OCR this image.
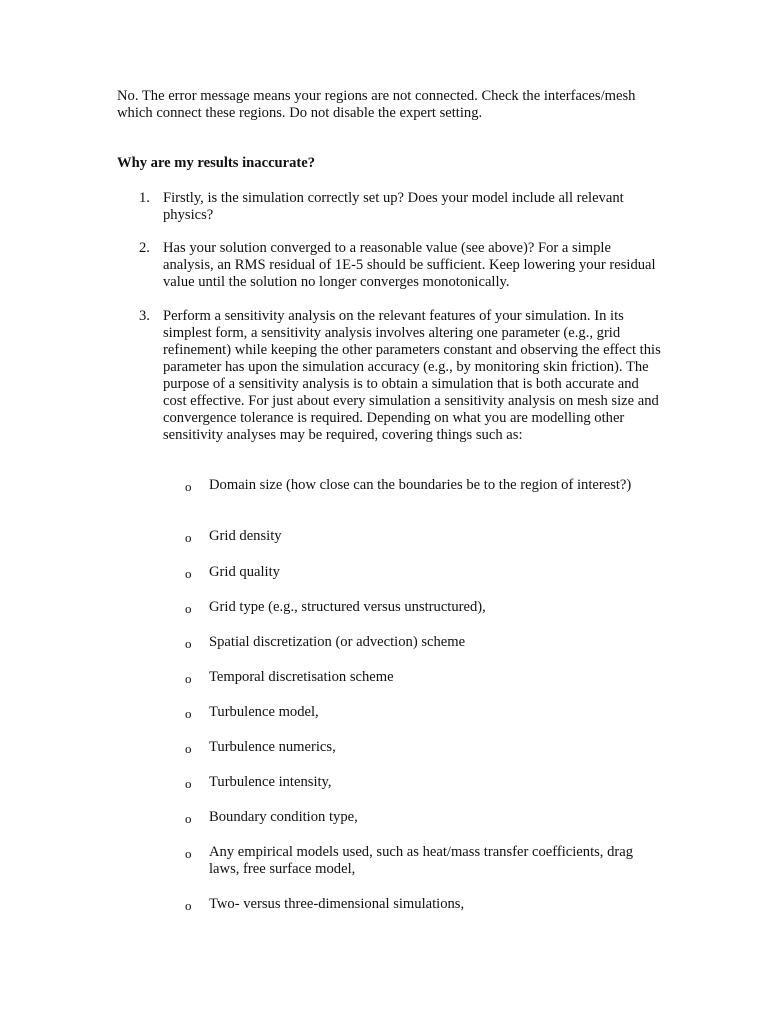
No. The error message means your regions are not connected. Check the interfaces/mesh which connect these regions. Do not disable the expert setting.

Why are my results inaccurate?

1. Firstly, is the simulation correctly set up? Does your model include all relevant physics?
2. Has your solution converged to a reasonable value (see above)? For a simple analysis, an RMS residual of 1E-5 should be sufficient. Keep lowering your residual value until the solution no longer converges monotonically.
3. Perform a sensitivity analysis on the relevant features of your simulation. In its simplest form, a sensitivity analysis involves altering one parameter (e.g., grid refinement) while keeping the other parameters constant and observing the effect this parameter has upon the simulation accuracy (e.g., by monitoring skin friction). The purpose of a sensitivity analysis is to obtain a simulation that is both accurate and cost effective. For just about every simulation a sensitivity analysis on mesh size and convergence tolerance is required. Depending on what you are modelling other sensitivity analyses may be required, covering things such as:
o Domain size (how close can the boundaries be to the region of interest?)
o Grid density
o Grid quality
o Grid type (e.g., structured versus unstructured),
o Spatial discretization (or advection) scheme
o Temporal discretisation scheme
o Turbulence model,
o Turbulence numerics,
o Turbulence intensity,
o Boundary condition type,
o Any empirical models used, such as heat/mass transfer coefficients, drag laws, free surface model,
o Two- versus three-dimensional simulations,
